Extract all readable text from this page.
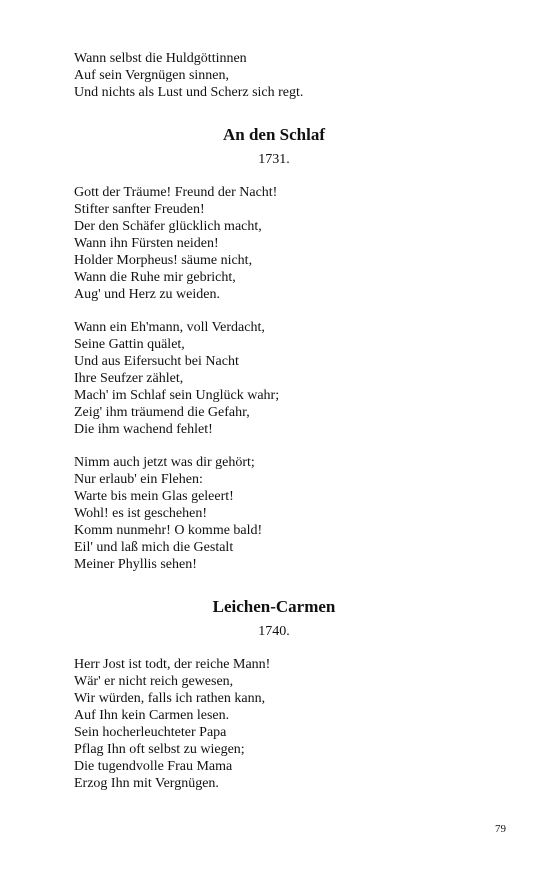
Wann selbst die Huldgöttinnen
Auf sein Vergnügen sinnen,
Und nichts als Lust und Scherz sich regt.
An den Schlaf
1731.
Gott der Träume! Freund der Nacht!
Stifter sanfter Freuden!
Der den Schäfer glücklich macht,
Wann ihn Fürsten neiden!
Holder Morpheus! säume nicht,
Wann die Ruhe mir gebricht,
Aug' und Herz zu weiden.
Wann ein Eh'mann, voll Verdacht,
Seine Gattin quälet,
Und aus Eifersucht bei Nacht
Ihre Seufzer zählet,
Mach' im Schlaf sein Unglück wahr;
Zeig' ihm träumend die Gefahr,
Die ihm wachend fehlet!
Nimm auch jetzt was dir gehört;
Nur erlaub' ein Flehen:
Warte bis mein Glas geleert!
Wohl! es ist geschehen!
Komm nunmehr! O komme bald!
Eil' und laß mich die Gestalt
Meiner Phyllis sehen!
Leichen-Carmen
1740.
Herr Jost ist todt, der reiche Mann!
Wär' er nicht reich gewesen,
Wir würden, falls ich rathen kann,
Auf Ihn kein Carmen lesen.
Sein hocherleuchteter Papa
Pflag Ihn oft selbst zu wiegen;
Die tugendvolle Frau Mama
Erzog Ihn mit Vergnügen.
79
